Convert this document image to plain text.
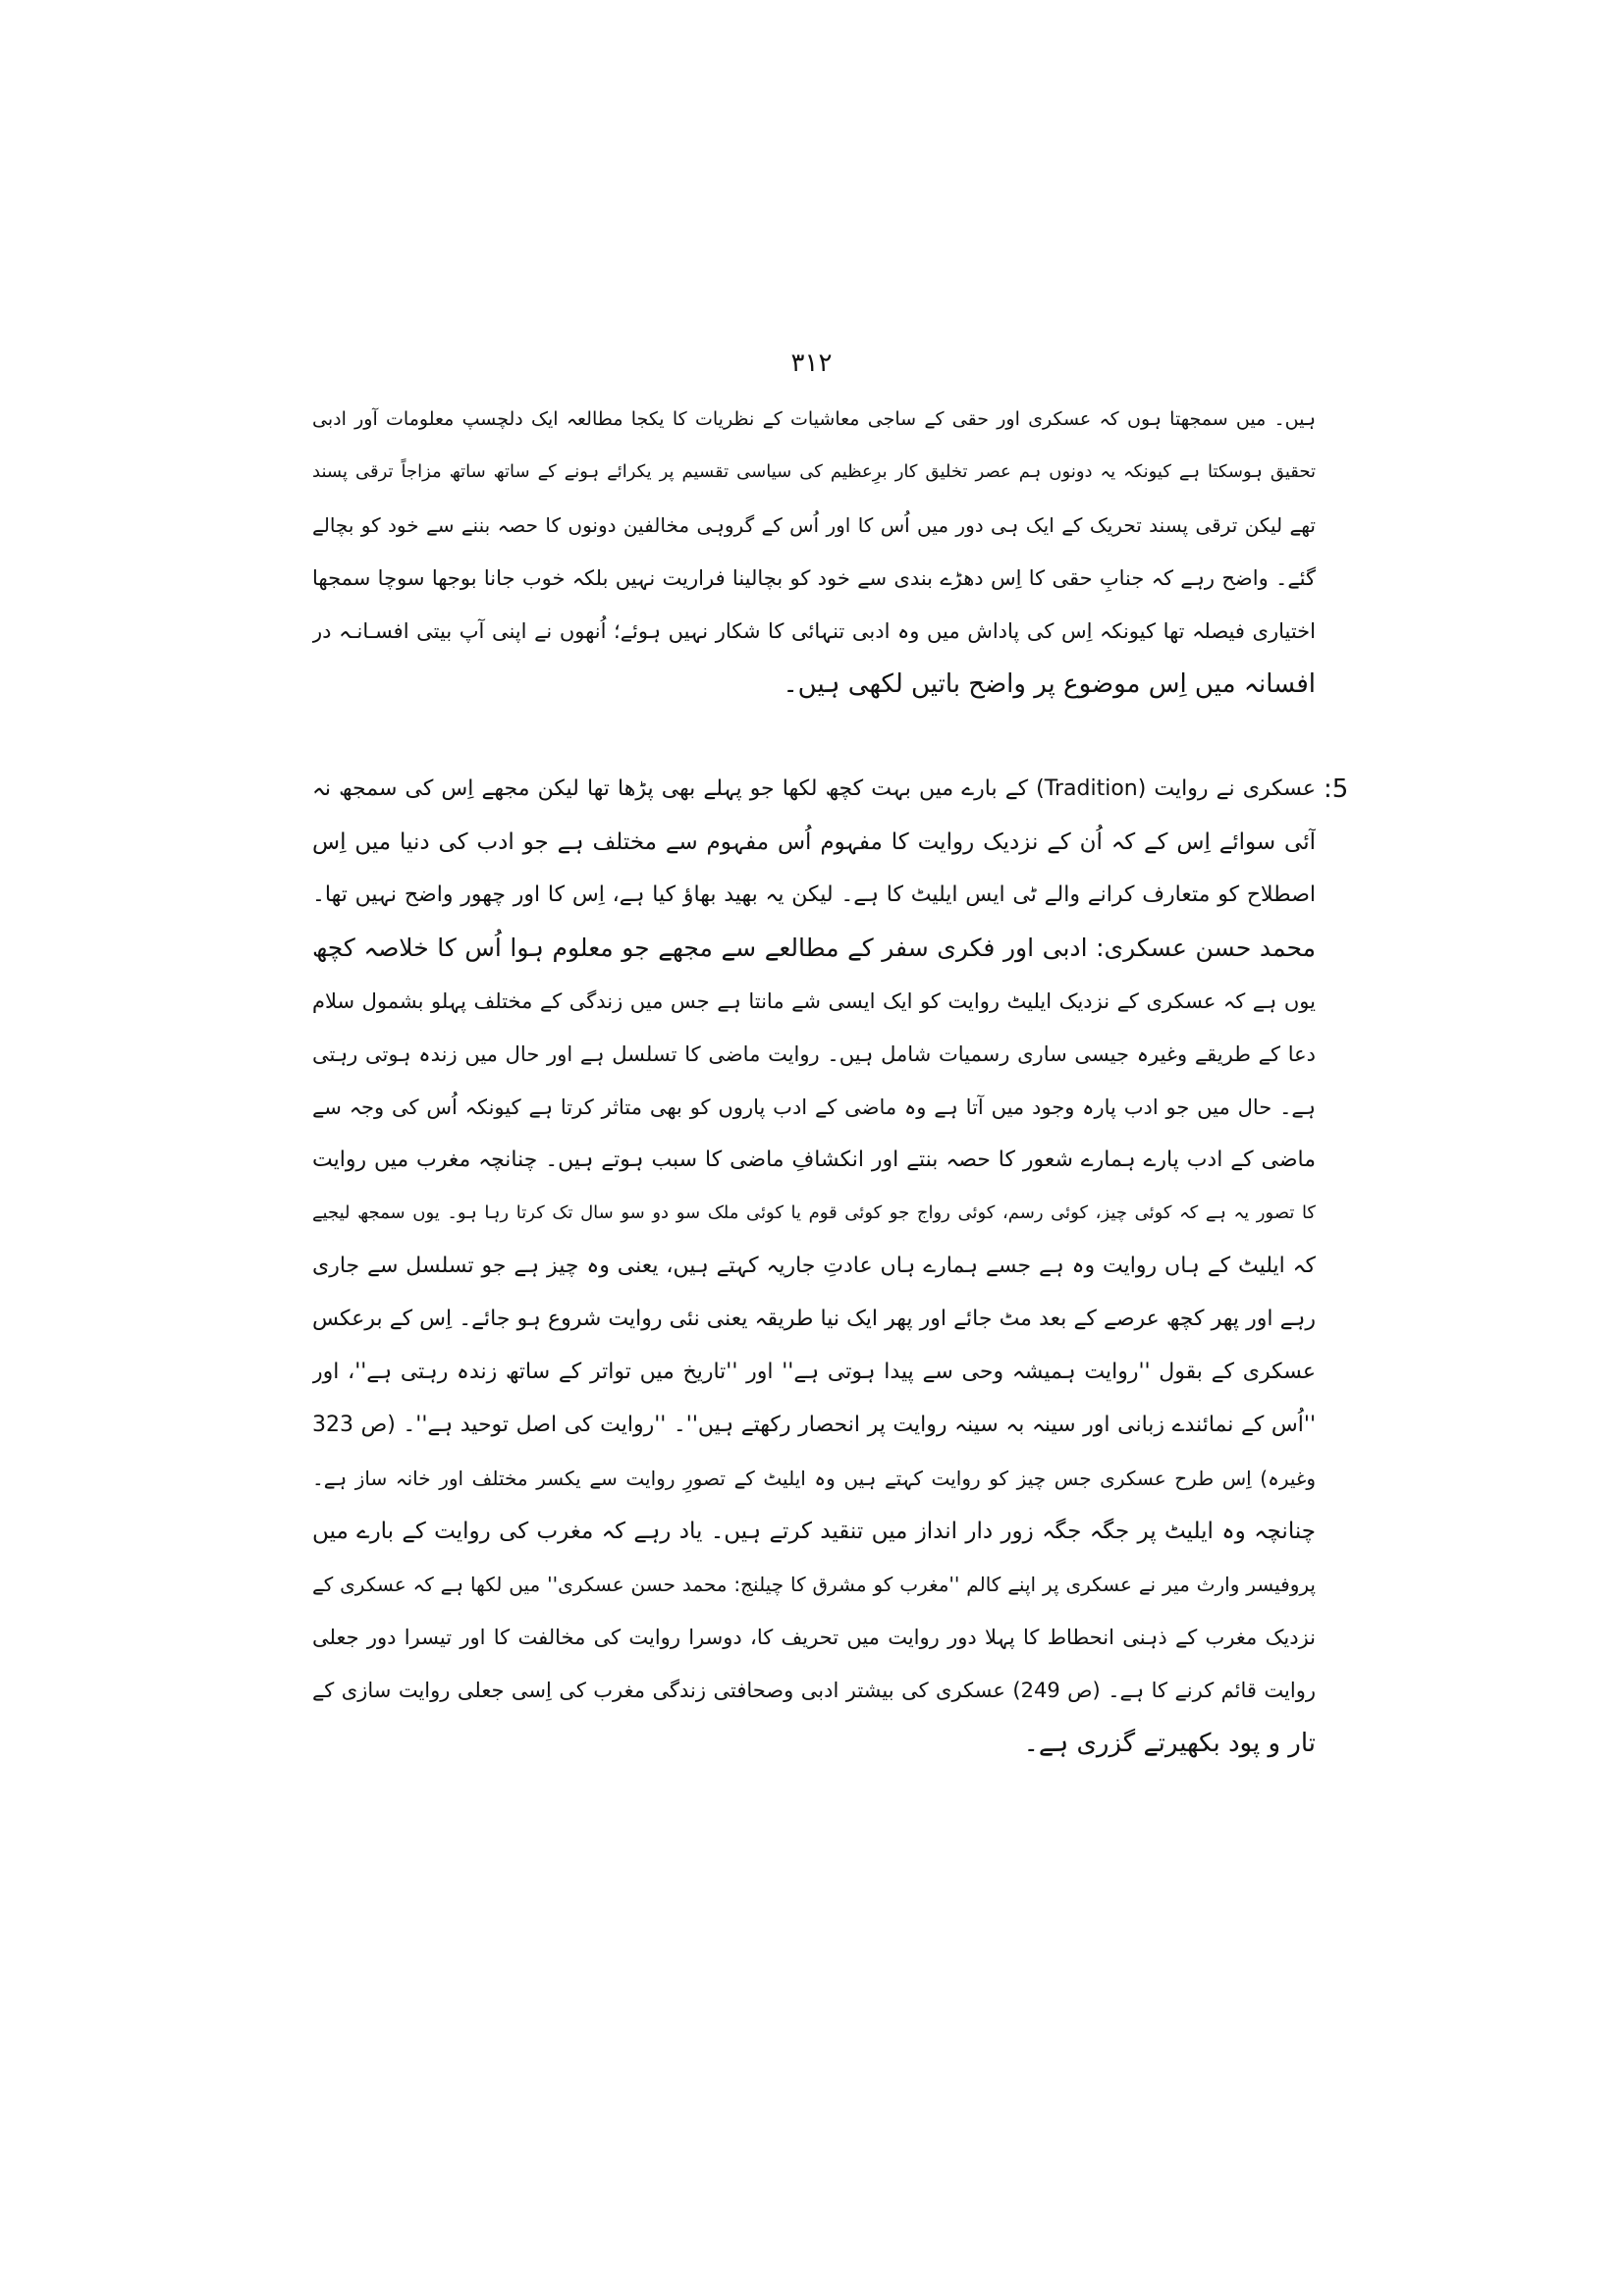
۳۱۲
ہیں۔ میں سمجھتا ہوں کہ عسکری اور حقی کے ساجی معاشیات کے نظریات کا یکجا مطالعہ ایک دلچسپ معلومات آور ادبی
تحقیق ہوسکتا ہے کیونکہ یہ دونوں ہم عصر تخلیق کار برِعظیم کی سیاسی تقسیم پر یکرائے ہونے کے ساتھ ساتھ مزاجاً ترقی پسند
تھے لیکن ترقی پسند تحریک کے ایک ہی دور میں اُس کا اور اُس کے گروہی مخالفین دونوں کا حصہ بننے سے خود کو بچالے
گئے۔ واضح رہے کہ جنابِ حقی کا اِس دھڑے بندی سے خود کو بچالینا فراریت نہیں بلکہ خوب جانا بوجھا سوچا سمجھا
اختیاری فیصلہ تھا کیونکہ اِس کی پاداش میں وہ ادبی تنہائی کا شکار نہیں ہوئے؛ اُنھوں نے اپنی آپ بیتی افسـانـہ در
افسانہ میں اِس موضوع پر واضح باتیں لکھی ہیں۔
:5
عسکری نے روایت (Tradition) کے بارے میں بہت کچھ لکھا جو پہلے بھی پڑھا تھا لیکن مجھے اِس کی سمجھ نہ
آئی سوائے اِس کے کہ اُن کے نزدیک روایت کا مفہوم اُس مفہوم سے مختلف ہے جو ادب کی دنیا میں اِس
اصطلاح کو متعارف کرانے والے ٹی ایس ایلیٹ کا ہے۔ لیکن یہ بھید بھاؤ کیا ہے، اِس کا اور چھور واضح نہیں تھا۔
محمد حسن عسکری: ادبی اور فکری سفر کے مطالعے سے مجھے جو معلوم ہوا اُس کا خلاصہ کچھ
یوں ہے کہ عسکری کے نزدیک ایلیٹ روایت کو ایک ایسی شے مانتا ہے جس میں زندگی کے مختلف پہلو بشمول سلام
دعا کے طریقے وغیرہ جیسی ساری رسمیات شامل ہیں۔ روایت ماضی کا تسلسل ہے اور حال میں زندہ ہوتی رہتی
ہے۔ حال میں جو ادب پارہ وجود میں آتا ہے وہ ماضی کے ادب پاروں کو بھی متاثر کرتا ہے کیونکہ اُس کی وجہ سے
ماضی کے ادب پارے ہمارے شعور کا حصہ بنتے اور انکشافِ ماضی کا سبب ہوتے ہیں۔ چنانچہ مغرب میں روایت
کا تصور یہ ہے کہ کوئی چیز، کوئی رسم، کوئی رواج جو کوئی قوم یا کوئی ملک سو دو سو سال تک کرتا رہا ہو۔ یوں سمجھ لیجیے
کہ ایلیٹ کے ہاں روایت وہ ہے جسے ہمارے ہاں عادتِ جاریہ کہتے ہیں، یعنی وہ چیز ہے جو تسلسل سے جاری
رہے اور پھر کچھ عرصے کے بعد مٹ جائے اور پھر ایک نیا طریقہ یعنی نئی روایت شروع ہو جائے۔ اِس کے برعکس
عسکری کے بقول ''روایت ہمیشہ وحی سے پیدا ہوتی ہے'' اور ''تاریخ میں تواتر کے ساتھ زندہ رہتی ہے''، اور
''اُس کے نمائندے زبانی اور سینہ بہ سینہ روایت پر انحصار رکھتے ہیں''۔ ''روایت کی اصل توحید ہے''۔ (ص 323
وغیرہ) اِس طرح عسکری جس چیز کو روایت کہتے ہیں وہ ایلیٹ کے تصورِ روایت سے یکسر مختلف اور خانہ ساز ہے۔
چنانچہ وہ ایلیٹ پر جگہ جگہ زور دار انداز میں تنقید کرتے ہیں۔ یاد رہے کہ مغرب کی روایت کے بارے میں
پروفیسر وارث میر نے عسکری پر اپنے کالم ''مغرب کو مشرق کا چیلنج: محمد حسن عسکری'' میں لکھا ہے کہ عسکری کے
نزدیک مغرب کے ذہنی انحطاط کا پہلا دور روایت میں تحریف کا، دوسرا روایت کی مخالفت کا اور تیسرا دور جعلی
روایت قائم کرنے کا ہے۔ (ص 249) عسکری کی بیشتر ادبی وصحافتی زندگی مغرب کی اِسی جعلی روایت سازی کے
تار و پود بکھیرتے گزری ہے۔
